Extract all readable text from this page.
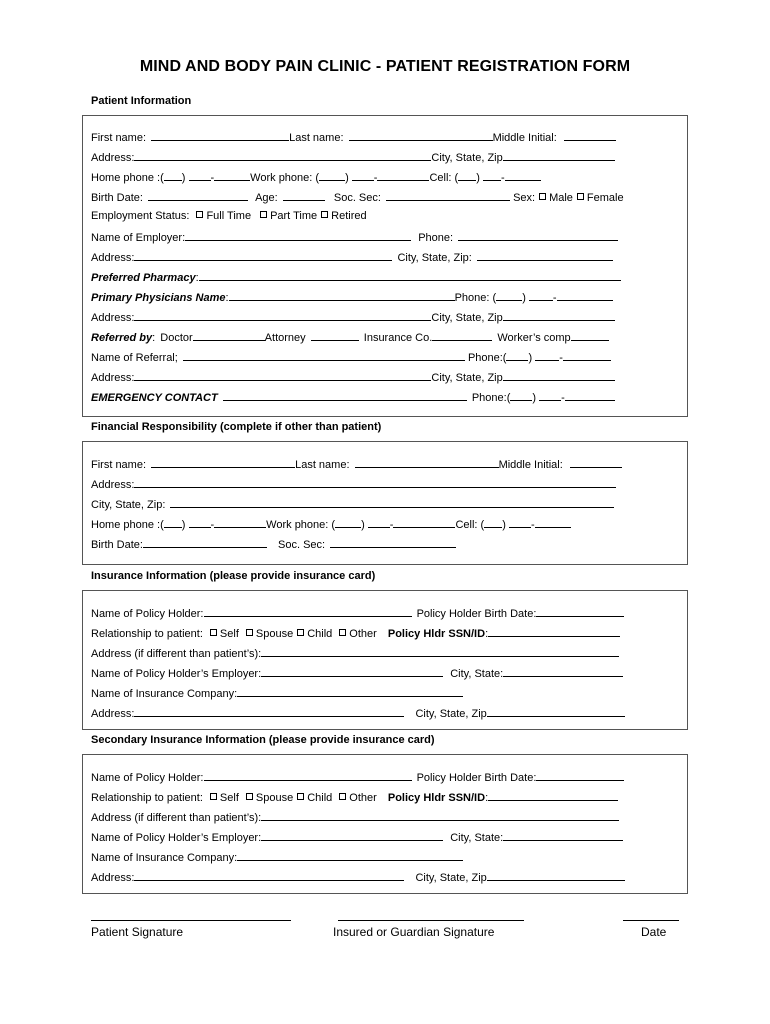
MIND AND BODY PAIN CLINIC - PATIENT REGISTRATION FORM
Patient Information
First name:	Last name:	Middle Initial:
Address:	City, State, Zip
Home phone :( ) -	Work phone: ( ) -	Cell: ( ) -
Birth Date:	Age:	Soc. Sec:	Sex: Male Female
Employment Status: Full Time Part Time Retired
Name of Employer:	Phone:
Address:	City, State, Zip:
Preferred Pharmacy:
Primary Physicians Name:	Phone: ( ) -
Address:	City, State, Zip
Referred by: Doctor	Attorney	Insurance Co.	Worker’s comp
Name of Referral;	Phone:( ) -
Address:	City, State, Zip
EMERGENCY CONTACT	Phone:( ) -
Financial Responsibility (complete if other than patient)
First name:	Last name:	Middle Initial:
Address:
City, State, Zip:
Home phone :( ) -	Work phone: ( ) -	Cell: ( ) -
Birth Date:	Soc. Sec:
Insurance Information (please provide insurance card)
Name of Policy Holder:	Policy Holder Birth Date:
Relationship to patient: Self Spouse Child Other Policy Hldr SSN/ID:
Address (if different than patient’s):
Name of Policy Holder’s Employer:	City, State:
Name of Insurance Company:
Address:	City, State, Zip
Secondary Insurance Information (please provide insurance card)
Name of Policy Holder:	Policy Holder Birth Date:
Relationship to patient: Self Spouse Child Other Policy Hldr SSN/ID:
Address (if different than patient’s):
Name of Policy Holder’s Employer:	City, State:
Name of Insurance Company:
Address:	City, State, Zip
Patient Signature	Insured or Guardian Signature	Date
